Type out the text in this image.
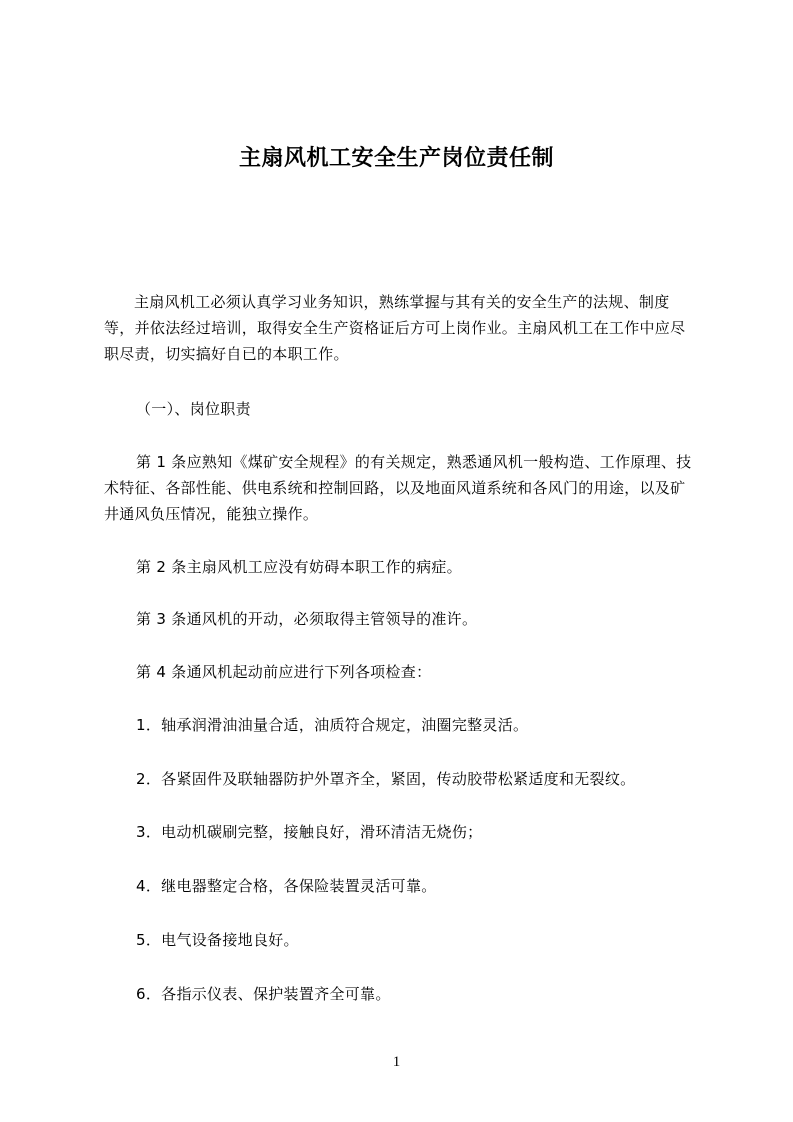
主扇风机工安全生产岗位责任制
主扇风机工必须认真学习业务知识，熟练掌握与其有关的安全生产的法规、制度等，并依法经过培训，取得安全生产资格证后方可上岗作业。主扇风机工在工作中应尽职尽责，切实搞好自已的本职工作。
（一）、岗位职责
第 1 条应熟知《煤矿安全规程》的有关规定，熟悉通风机一般构造、工作原理、技术特征、各部性能、供电系统和控制回路，以及地面风道系统和各风门的用途，以及矿井通风负压情况，能独立操作。
第 2 条主扇风机工应没有妨碍本职工作的病症。
第 3 条通风机的开动，必须取得主管领导的准许。
第 4 条通风机起动前应进行下列各项检查：
1．轴承润滑油油量合适，油质符合规定，油圈完整灵活。
2．各紧固件及联轴器防护外罩齐全，紧固，传动胶带松紧适度和无裂纹。
3．电动机碳刷完整，接触良好，滑环清洁无烧伤；
4．继电器整定合格，各保险装置灵活可靠。
5．电气设备接地良好。
6．各指示仪表、保护装置齐全可靠。
1
